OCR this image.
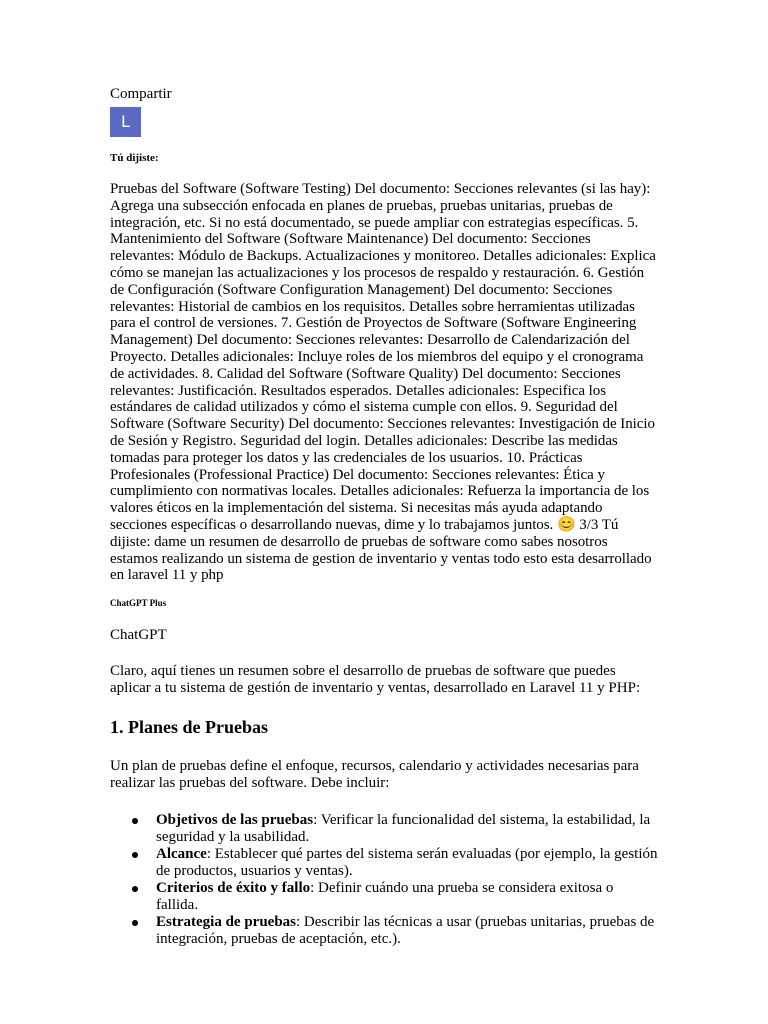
Compartir

L

Tú dijiste:

Pruebas del Software (Software Testing) Del documento: Secciones relevantes (si las hay): Agrega una subsección enfocada en planes de pruebas, pruebas unitarias, pruebas de integración, etc. Si no está documentado, se puede ampliar con estrategias específicas. 5. Mantenimiento del Software (Software Maintenance) Del documento: Secciones relevantes: Módulo de Backups. Actualizaciones y monitoreo. Detalles adicionales: Explica cómo se manejan las actualizaciones y los procesos de respaldo y restauración. 6. Gestión de Configuración (Software Configuration Management) Del documento: Secciones relevantes: Historial de cambios en los requisitos. Detalles sobre herramientas utilizadas para el control de versiones. 7. Gestión de Proyectos de Software (Software Engineering Management) Del documento: Secciones relevantes: Desarrollo de Calendarización del Proyecto. Detalles adicionales: Incluye roles de los miembros del equipo y el cronograma de actividades. 8. Calidad del Software (Software Quality) Del documento: Secciones relevantes: Justificación. Resultados esperados. Detalles adicionales: Especifica los estándares de calidad utilizados y cómo el sistema cumple con ellos. 9. Seguridad del Software (Software Security) Del documento: Secciones relevantes: Investigación de Inicio de Sesión y Registro. Seguridad del login. Detalles adicionales: Describe las medidas tomadas para proteger los datos y las credenciales de los usuarios. 10. Prácticas Profesionales (Professional Practice) Del documento: Secciones relevantes: Ética y cumplimiento con normativas locales. Detalles adicionales: Refuerza la importancia de los valores éticos en la implementación del sistema. Si necesitas más ayuda adaptando secciones específicas o desarrollando nuevas, dime y lo trabajamos juntos. 😊 3/3 Tú dijiste: dame un resumen de desarrollo de pruebas de software como sabes nosotros estamos realizando un sistema de gestion de inventario y ventas todo esto esta desarrollado en laravel 11 y php

ChatGPT Plus

ChatGPT

Claro, aquí tienes un resumen sobre el desarrollo de pruebas de software que puedes aplicar a tu sistema de gestión de inventario y ventas, desarrollado en Laravel 11 y PHP:

1. Planes de Pruebas

Un plan de pruebas define el enfoque, recursos, calendario y actividades necesarias para realizar las pruebas del software. Debe incluir:

Objetivos de las pruebas: Verificar la funcionalidad del sistema, la estabilidad, la seguridad y la usabilidad.
Alcance: Establecer qué partes del sistema serán evaluadas (por ejemplo, la gestión de productos, usuarios y ventas).
Criterios de éxito y fallo: Definir cuándo una prueba se considera exitosa o fallida.
Estrategia de pruebas: Describir las técnicas a usar (pruebas unitarias, pruebas de integración, pruebas de aceptación, etc.).
